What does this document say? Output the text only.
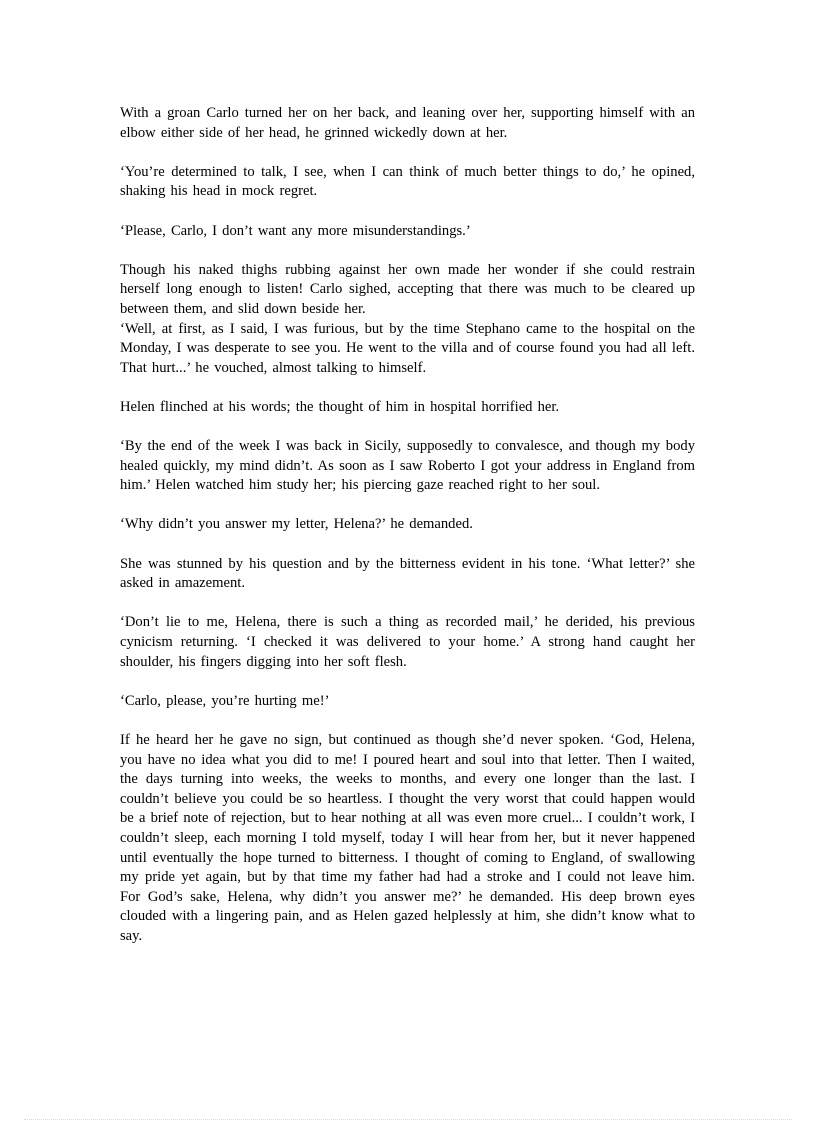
With a groan Carlo turned her on her back, and leaning over her, supporting himself with an elbow either side of her head, he grinned wickedly down at her.

‘You’re determined to talk, I see, when I can think of much better things to do,’ he opined, shaking his head in mock regret.

‘Please, Carlo, I don’t want any more misunderstandings.’

Though his naked thighs rubbing against her own made her wonder if she could restrain herself long enough to listen! Carlo sighed, accepting that there was much to be cleared up between them, and slid down beside her.

‘Well, at first, as I said, I was furious, but by the time Stephano came to the hospital on the Monday, I was desperate to see you. He went to the villa and of course found you had all left. That hurt...’ he vouched, almost talking to himself.

Helen flinched at his words; the thought of him in hospital horrified her.

‘By the end of the week I was back in Sicily, supposedly to convalesce, and though my body healed quickly, my mind didn’t. As soon as I saw Roberto I got your address in England from him.’ Helen watched him study her; his piercing gaze reached right to her soul.

‘Why didn’t you answer my letter, Helena?’ he demanded.

She was stunned by his question and by the bitterness evident in his tone. ‘What letter?’ she asked in amazement.

‘Don’t lie to me, Helena, there is such a thing as recorded mail,’ he derided, his previous cynicism returning. ‘I checked it was delivered to your home.’ A strong hand caught her shoulder, his fingers digging into her soft flesh.

‘Carlo, please, you’re hurting me!’

If he heard her he gave no sign, but continued as though she’d never spoken. ‘God, Helena, you have no idea what you did to me! I poured heart and soul into that letter. Then I waited, the days turning into weeks, the weeks to months, and every one longer than the last. I couldn’t believe you could be so heartless. I thought the very worst that could happen would be a brief note of rejection, but to hear nothing at all was even more cruel... I couldn’t work, I couldn’t sleep, each morning I told myself, today I will hear from her, but it never happened until eventually the hope turned to bitterness. I thought of coming to England, of swallowing my pride yet again, but by that time my father had had a stroke and I could not leave him. For God’s sake, Helena, why didn’t you answer me?’ he demanded. His deep brown eyes clouded with a lingering pain, and as Helen gazed helplessly at him, she didn’t know what to say.
